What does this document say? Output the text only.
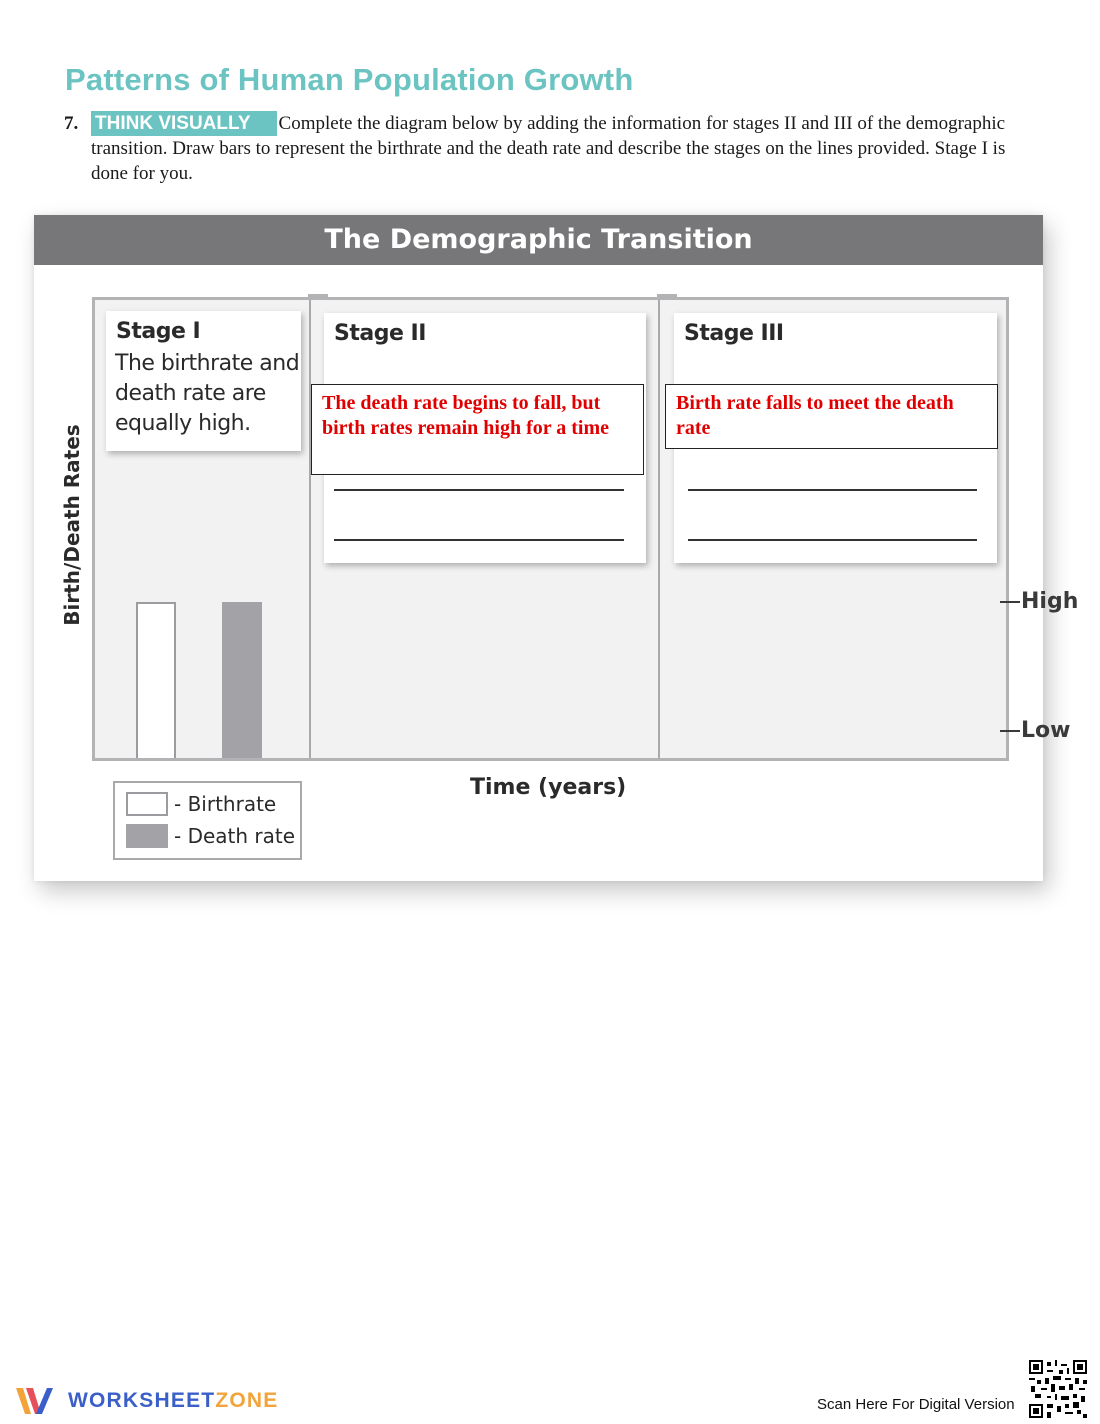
Patterns of Human Population Growth
7. THINK VISUALLY Complete the diagram below by adding the information for stages II and III of the demographic transition. Draw bars to represent the birthrate and the death rate and describe the stages on the lines provided. Stage I is done for you.
The Demographic Transition
Birth/Death Rates
Stage I
The birthrate and death rate are equally high.
Stage II
The death rate begins to fall, but birth rates remain high for a time
Stage III
Birth rate falls to meet the death rate
High
Low
Time (years)
- Birthrate
- Death rate
WORKSHEET ZONE	Scan Here For Digital Version
